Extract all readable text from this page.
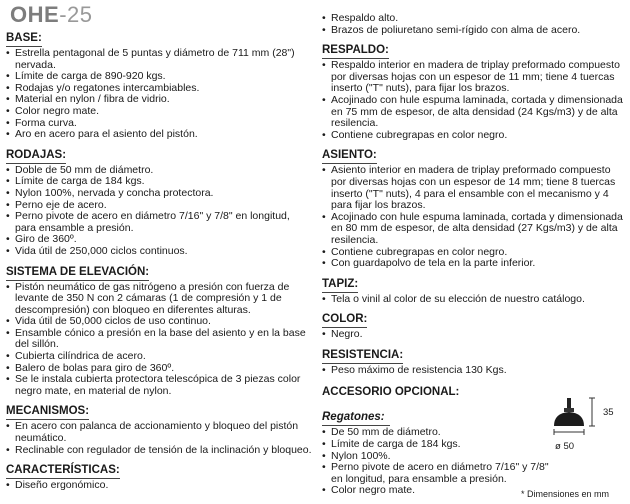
OHE-25
BASE:
• Estrella pentagonal de 5 puntas y diámetro de 711 mm (28") nervada.
• Límite de carga de 890-920 kgs.
• Rodajas y/o regatones intercambiables.
• Material en nylon / fibra de vidrio.
• Color negro mate.
• Forma curva.
• Aro en acero para el asiento del pistón.
RODAJAS:
• Doble de 50 mm de diámetro.
• Límite de carga de 184 kgs.
• Nylon 100%, nervada y concha protectora.
• Perno eje de acero.
• Perno pivote de acero en diámetro 7/16" y 7/8" en longitud, para ensamble a presión.
• Giro de 360º.
• Vida útil de 250,000 ciclos continuos.
SISTEMA DE ELEVACIÓN:
• Pistón neumático de gas nitrógeno a presión con fuerza de levante de 350 N con 2 cámaras (1 de compresión y 1 de descompresión) con bloqueo en diferentes alturas.
• Vida útil de 50,000 ciclos de uso continuo.
• Ensamble cónico a presión en la base del asiento y en la base del sillón.
• Cubierta cilíndrica de acero.
• Balero de bolas para giro de 360º.
• Se le instala cubierta protectora telescópica de 3 piezas color negro mate, en material de nylon.
MECANISMOS:
• En acero con palanca de accionamiento y bloqueo del pistón neumático.
• Reclinable con regulador de tensión de la inclinación y bloqueo.
CARACTERÍSTICAS:
• Diseño ergonómico.
• Respaldo alto.
• Brazos de poliuretano semi-rígido con alma de acero.
RESPALDO:
• Respaldo interior en madera de triplay preformado compuesto por diversas hojas con un espesor de 11 mm; tiene 4 tuercas inserto ("T" nuts), para fijar los brazos.
• Acojinado con hule espuma laminada, cortada y dimensionada en 75 mm de espesor, de alta densidad (24 Kgs/m3) y de alta resilencia.
• Contiene cubregrapas en color negro.
ASIENTO:
• Asiento interior en madera de triplay preformado compuesto por diversas hojas con un espesor de 14 mm; tiene 8 tuercas inserto ("T" nuts), 4 para el ensamble con el mecanismo y 4 para fijar los brazos.
• Acojinado con hule espuma laminada, cortada y dimensionada en 80 mm de espesor, de alta densidad (27 Kgs/m3) y de alta resilencia.
• Contiene cubregrapas en color negro.
• Con guardapolvo de tela en la parte inferior.
TAPIZ:
• Tela o vinil al color de su elección de nuestro catálogo.
COLOR:
• Negro.
RESISTENCIA:
• Peso máximo de resistencia 130 Kgs.
ACCESORIO OPCIONAL:
Regatones:
• De 50 mm de diámetro.
• Límite de carga de 184 kgs.
• Nylon 100%.
• Perno pivote de acero en diámetro 7/16" y 7/8" en longitud, para ensamble a presión.
• Color negro mate.
35
ø 50
* Dimensiones en mm
